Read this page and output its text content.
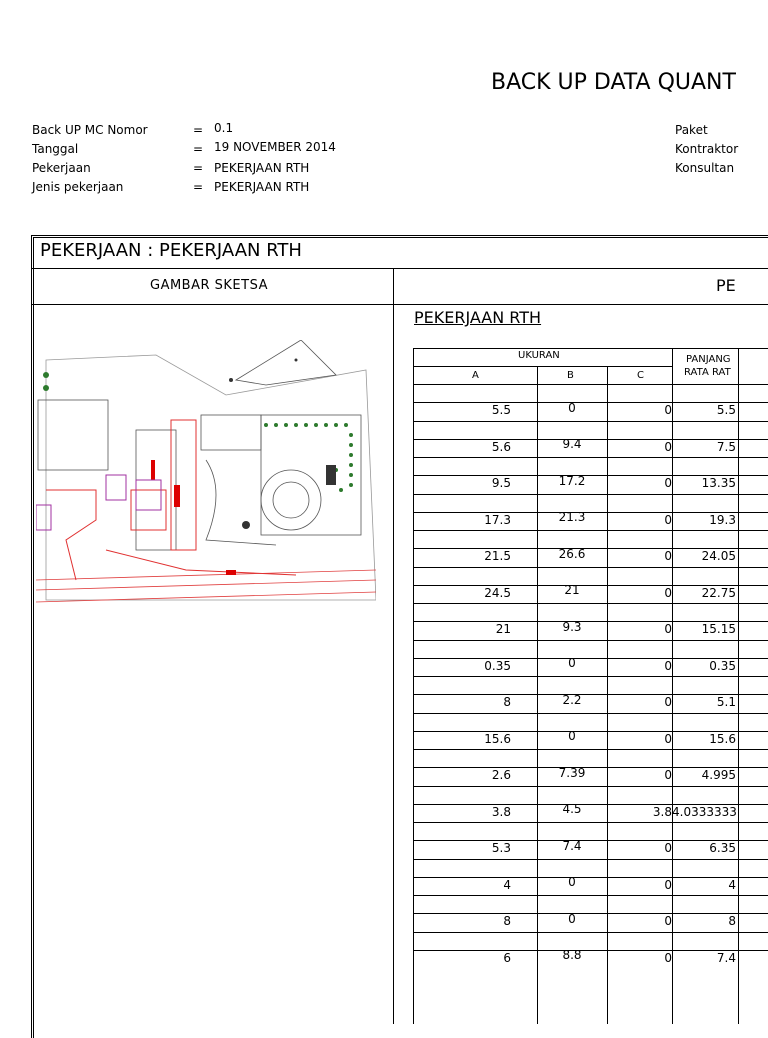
BACK UP DATA QUANT
Back UP MC Nomor	= 0.1
Tanggal	= 19 NOVEMBER 2014
Pekerjaan	= PEKERJAAN RTH
Jenis pekerjaan	= PEKERJAAN RTH
Paket
Kontraktor
Konsultan
PEKERJAAN : PEKERJAAN RTH
GAMBAR SKETSA	PE
PEKERJAAN RTH
UKURAN
A	B	C
PANJANG
RATA RAT
5.5	0	0	5.5
5.6	9.4	0	7.5
9.5	17.2	0	13.35
17.3	21.3	0	19.3
21.5	26.6	0	24.05
24.5	21	0	22.75
21	9.3	0	15.15
0.35	0	0	0.35
8	2.2	0	5.1
15.6	0	0	15.6
2.6	7.39	0	4.995
3.8	4.5	3.8 4.0333333
5.3	7.4	0	6.35
4	0	0	4
8	0	0	8
6	8.8	0	7.4
